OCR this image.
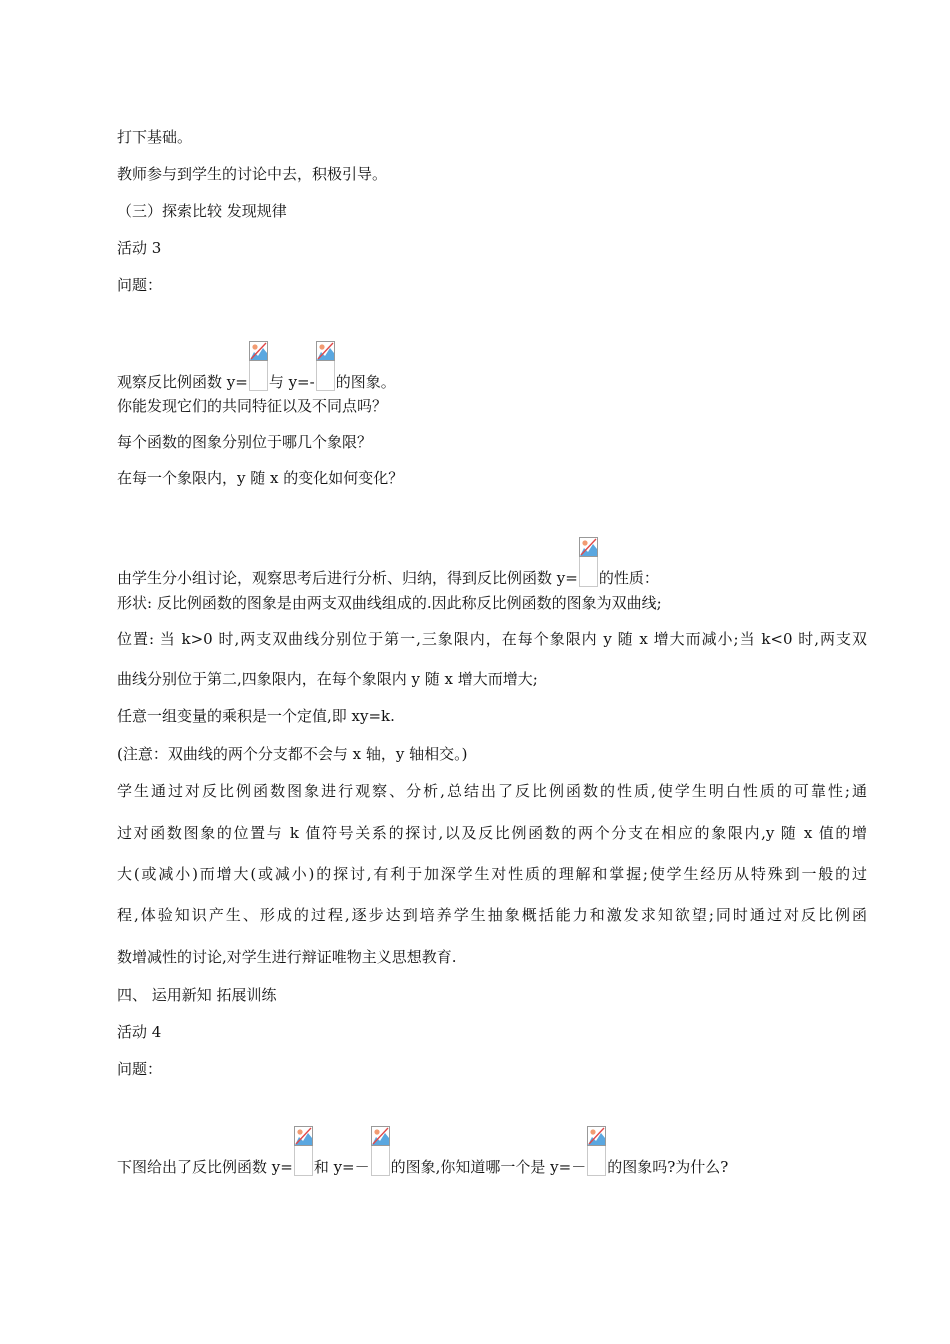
打下基础。
教师参与到学生的讨论中去，积极引导。
（三）探索比较 发现规律
活动 3
问题：
观察反比例函数 y= 与 y=- 的图象。
你能发现它们的共同特征以及不同点吗？
每个函数的图象分别位于哪几个象限？
在每一个象限内，y 随 x 的变化如何变化？
由学生分小组讨论，观察思考后进行分析、归纳，得到反比例函数 y= 的性质：
形状: 反比例函数的图象是由两支双曲线组成的.因此称反比例函数的图象为双曲线;
位置: 当 k>0 时,两支双曲线分别位于第一,三象限内，在每个象限内 y 随 x 增大而减小;当 k<0 时,两支双
曲线分别位于第二,四象限内，在每个象限内 y 随 x 增大而增大;
任意一组变量的乘积是一个定值,即 xy=k.
(注意：双曲线的两个分支都不会与 x 轴，y 轴相交。)
学生通过对反比例函数图象进行观察、分析,总结出了反比例函数的性质,使学生明白性质的可靠性;通
过对函数图象的位置与 k 值符号关系的探讨,以及反比例函数的两个分支在相应的象限内,y 随 x 值的增
大(或减小)而增大(或减小)的探讨,有利于加深学生对性质的理解和掌握;使学生经历从特殊到一般的过
程,体验知识产生、形成的过程,逐步达到培养学生抽象概括能力和激发求知欲望;同时通过对反比例函
数增减性的讨论,对学生进行辩证唯物主义思想教育.
四、 运用新知 拓展训练
活动 4
问题：
下图给出了反比例函数 y= 和 y=－ 的图象,你知道哪一个是 y=－ 的图象吗?为什么?
